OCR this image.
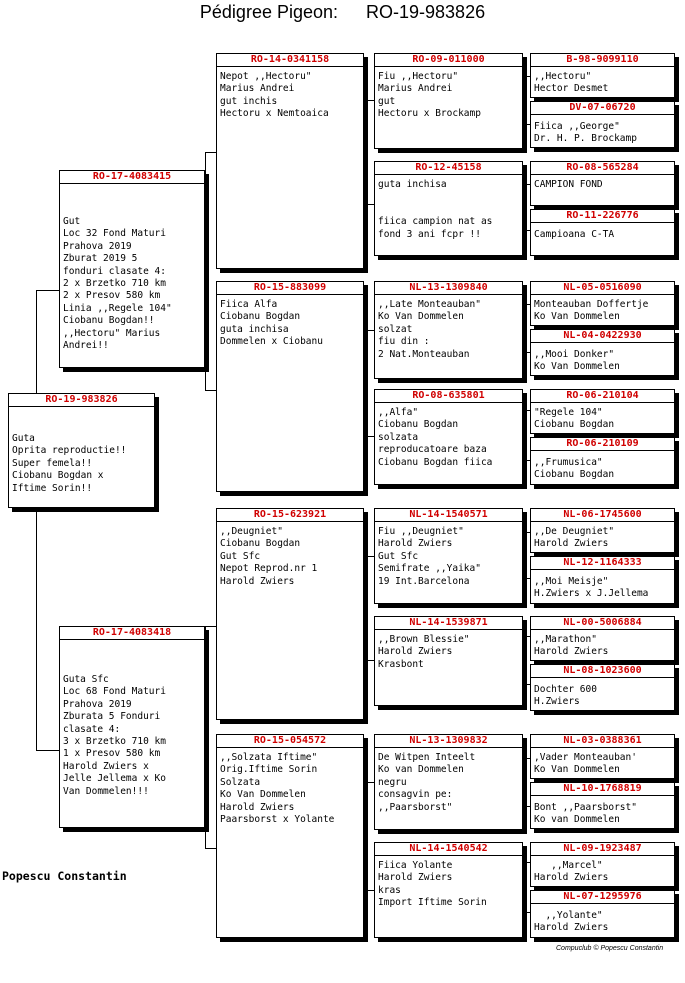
Pédigree Pigeon: RO-19-983826
RO-19-983826
Guta
Oprita reproductie!!
Super femela!!
Ciobanu Bogdan x
Iftime Sorin!!
RO-17-4083415
Gut
Loc 32 Fond Maturi
Prahova 2019
Zburat 2019 5
fonduri clasate 4:
2 x Brzetko 710 km
2 x Presov 580 km
Linia ,,Regele 104"
Ciobanu Bogdan!!
,,Hectoru" Marius
Andrei!!
RO-17-4083418
Guta Sfc
Loc 68 Fond Maturi
Prahova 2019
Zburata 5 Fonduri
clasate 4:
3 x Brzetko 710 km
1 x Presov 580 km
Harold Zwiers x
Jelle Jellema x Ko
Van Dommelen!!!
RO-14-0341158
Nepot ,,Hectoru"
Marius Andrei
gut inchis
Hectoru x Nemtoaica
RO-15-883099
Fiica Alfa
Ciobanu Bogdan
guta inchisa
Dommelen x Ciobanu
RO-15-623921
,,Deugniet"
Ciobanu Bogdan
Gut Sfc
Nepot Reprod.nr 1
Harold Zwiers
RO-15-054572
,,Solzata Iftime"
Orig.Iftime Sorin
Solzata
Ko Van Dommelen
Harold Zwiers
Paarsborst x Yolante
RO-09-011000
Fiu ,,Hectoru"
Marius Andrei
gut
Hectoru x Brockamp
RO-12-45158
guta inchisa

fiica campion nat as
fond 3 ani fcpr !!
NL-13-1309840
,,Late Monteauban"
Ko Van Dommelen
solzat
fiu din :
2 Nat.Monteauban
RO-08-635801
,,Alfa"
Ciobanu Bogdan
solzata
reproducatoare baza
Ciobanu Bogdan fiica
NL-14-1540571
Fiu ,,Deugniet"
Harold Zwiers
Gut Sfc
Semifrate ,,Yaika"
19 Int.Barcelona
NL-14-1539871
,,Brown Blessie"
Harold Zwiers
Krasbont
NL-13-1309832
De Witpen Inteelt
Ko van Dommelen
negru
consagvin pe:
,,Paarsborst"
NL-14-1540542
Fiica Yolante
Harold Zwiers
kras
Import Iftime Sorin
B-98-9099110
,,Hectoru"
Hector Desmet
DV-07-06720
Fiica ,,George"
Dr. H. P. Brockamp
RO-08-565284
CAMPION FOND
RO-11-226776
Campioana C-TA
NL-05-0516090
Monteauban Doffertje
Ko Van Dommelen
NL-04-0422930
,,Mooi Donker"
Ko Van Dommelen
RO-06-210104
"Regele 104"
Ciobanu Bogdan
RO-06-210109
,,Frumusica"
Ciobanu Bogdan
NL-06-1745600
,,De Deugniet"
Harold Zwiers
NL-12-1164333
,,Moi Meisje"
H.Zwiers x J.Jellema
NL-00-5006884
,,Marathon"
Harold Zwiers
NL-08-1023600
Dochter 600
H.Zwiers
NL-03-0388361
,Vader Monteauban'
Ko Van Dommelen
NL-10-1768819
Bont ,,Paarsborst"
Ko van Dommelen
NL-09-1923487
,,Marcel"
Harold Zwiers
NL-07-1295976
,,Yolante"
Harold Zwiers
Popescu Constantin
Compuclub © Popescu Constantin
